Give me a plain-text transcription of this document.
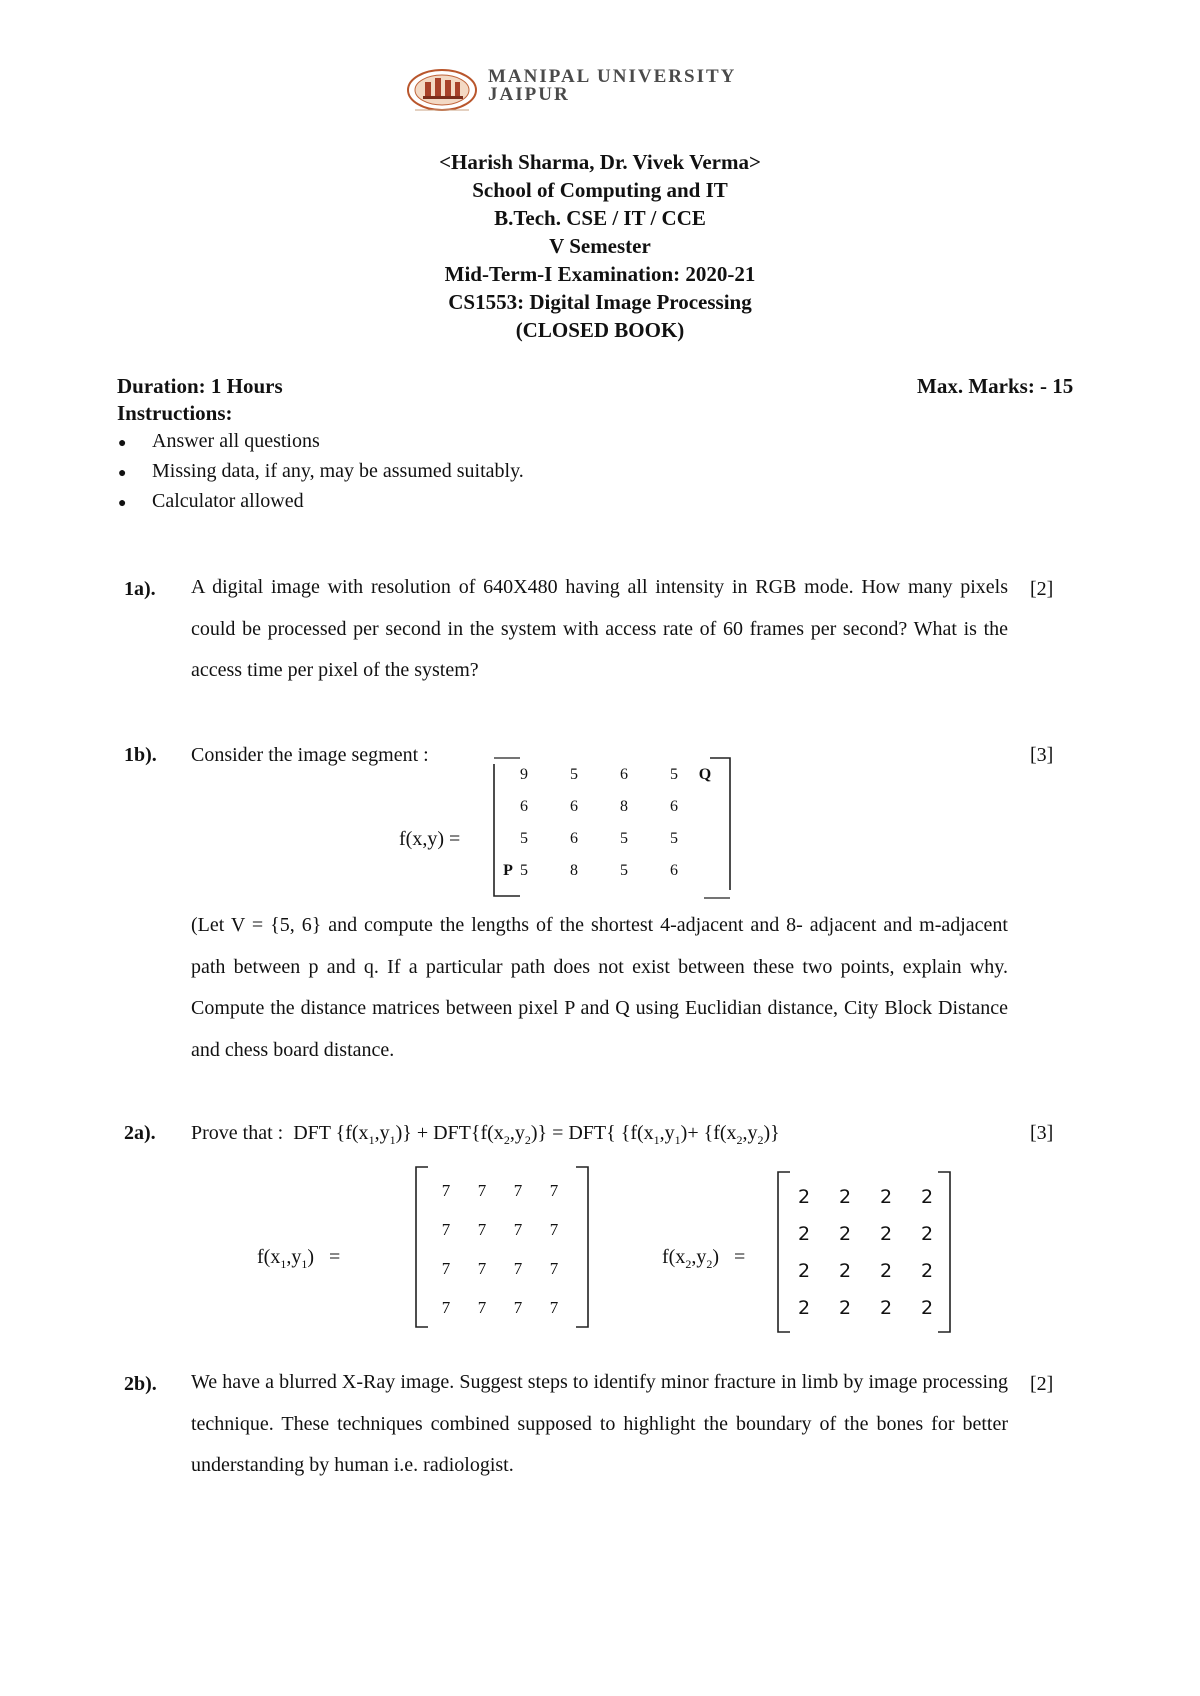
MANIPAL UNIVERSITY
JAIPUR
<Harish Sharma, Dr. Vivek Verma>
School of Computing and IT
B.Tech. CSE / IT / CCE
V Semester
Mid-Term-I Examination: 2020-21
CS1553: Digital Image Processing
(CLOSED BOOK)
Duration: 1 Hours	Max. Marks: - 15
Instructions:
● Answer all questions
● Missing data, if any, may be assumed suitably.
● Calculator allowed
1a). A digital image with resolution of 640X480 having all intensity in RGB mode. How many pixels could be processed per second in the system with access rate of 60 frames per second? What is the access time per pixel of the system?
[2]
1b). Consider the image segment :	[3]
f(x,y) =
9	5	6	5
6	6	8	6
5	6	5	5
5	8	5	6
P
Q
(Let V = {5, 6} and compute the lengths of the shortest 4-adjacent and 8- adjacent and m-adjacent path between p and q. If a particular path does not exist between these two points, explain why. Compute the distance matrices between pixel P and Q using Euclidian distance, City Block Distance and chess board distance.
2a). Prove that : DFT $\{f(x_1,y_1)\} + DFT\{f(x_2,y_2)\} = DFT${ {$f(x_1,y_1)+ \{f(x_2,y_2)\}$	[3]
$f(x_1,y_1)$   =
7	7	7	7
7	7	7	7
7	7	7	7
7	7	7	7
$f(x_2,y_2)$   =
2 2 2 2
2 2 2 2
2 2 2 2
2 2 2 2
2b). We have a blurred X-Ray image. Suggest steps to identify minor fracture in limb by image processing technique. These techniques combined supposed to highlight the boundary of the bones for better understanding by human i.e. radiologist.
[2]
